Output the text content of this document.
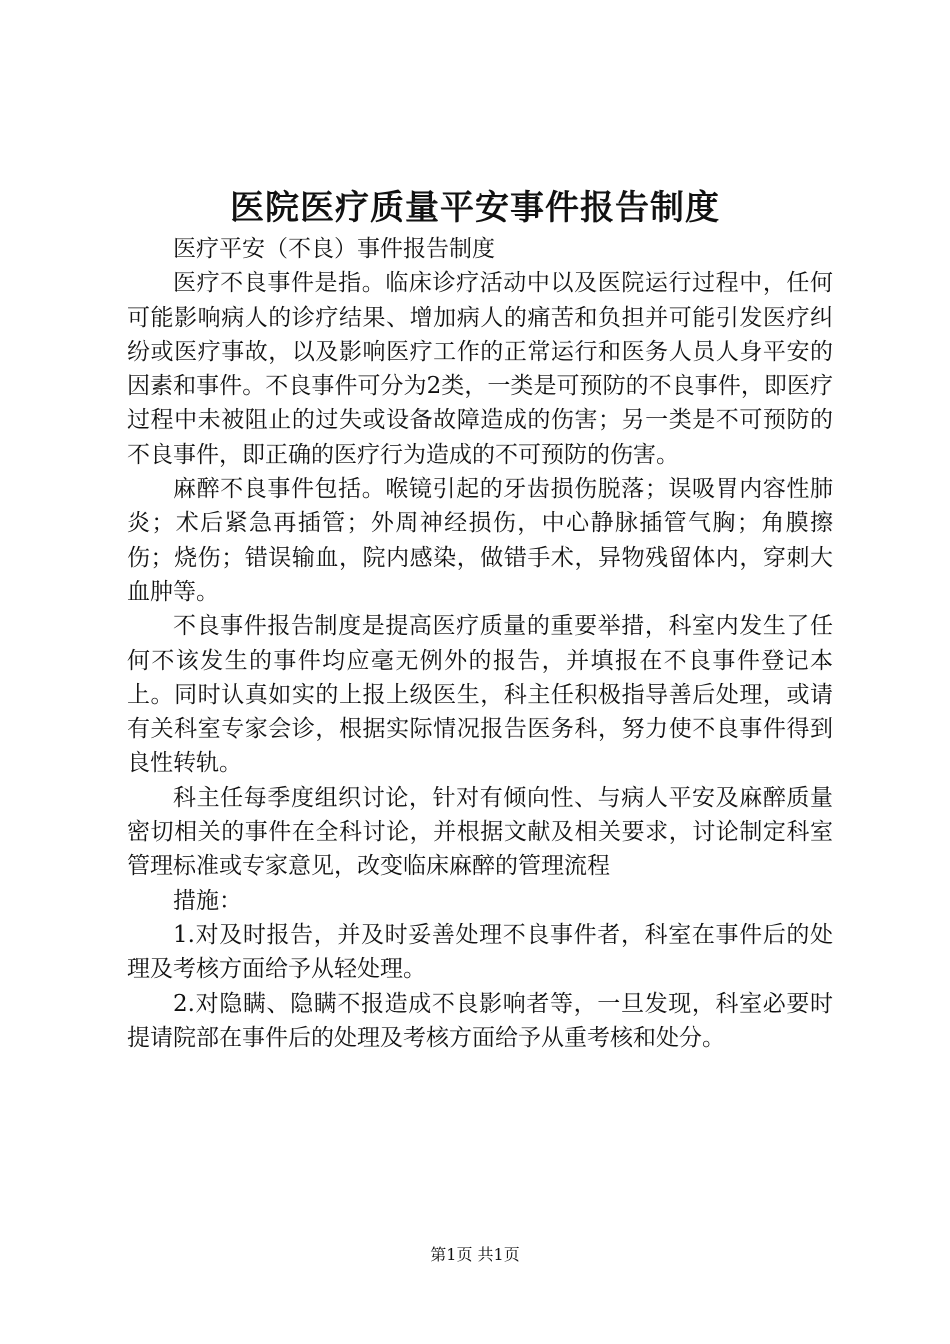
医院医疗质量平安事件报告制度

医疗平安（不良）事件报告制度

医疗不良事件是指。临床诊疗活动中以及医院运行过程中，任何可能影响病人的诊疗结果、增加病人的痛苦和负担并可能引发医疗纠纷或医疗事故，以及影响医疗工作的正常运行和医务人员人身平安的因素和事件。不良事件可分为2类，一类是可预防的不良事件，即医疗过程中未被阻止的过失或设备故障造成的伤害；另一类是不可预防的不良事件，即正确的医疗行为造成的不可预防的伤害。

麻醉不良事件包括。喉镜引起的牙齿损伤脱落；误吸胃内容性肺炎；术后紧急再插管；外周神经损伤，中心静脉插管气胸；角膜擦伤；烧伤；错误输血，院内感染，做错手术，异物残留体内，穿刺大血肿等。

不良事件报告制度是提高医疗质量的重要举措，科室内发生了任何不该发生的事件均应毫无例外的报告，并填报在不良事件登记本上。同时认真如实的上报上级医生，科主任积极指导善后处理，或请有关科室专家会诊，根据实际情况报告医务科，努力使不良事件得到良性转轨。

科主任每季度组织讨论，针对有倾向性、与病人平安及麻醉质量密切相关的事件在全科讨论，并根据文献及相关要求，讨论制定科室管理标准或专家意见，改变临床麻醉的管理流程

措施：

1.对及时报告，并及时妥善处理不良事件者，科室在事件后的处理及考核方面给予从轻处理。

2.对隐瞒、隐瞒不报造成不良影响者等，一旦发现，科室必要时提请院部在事件后的处理及考核方面给予从重考核和处分。

第1页 共1页
